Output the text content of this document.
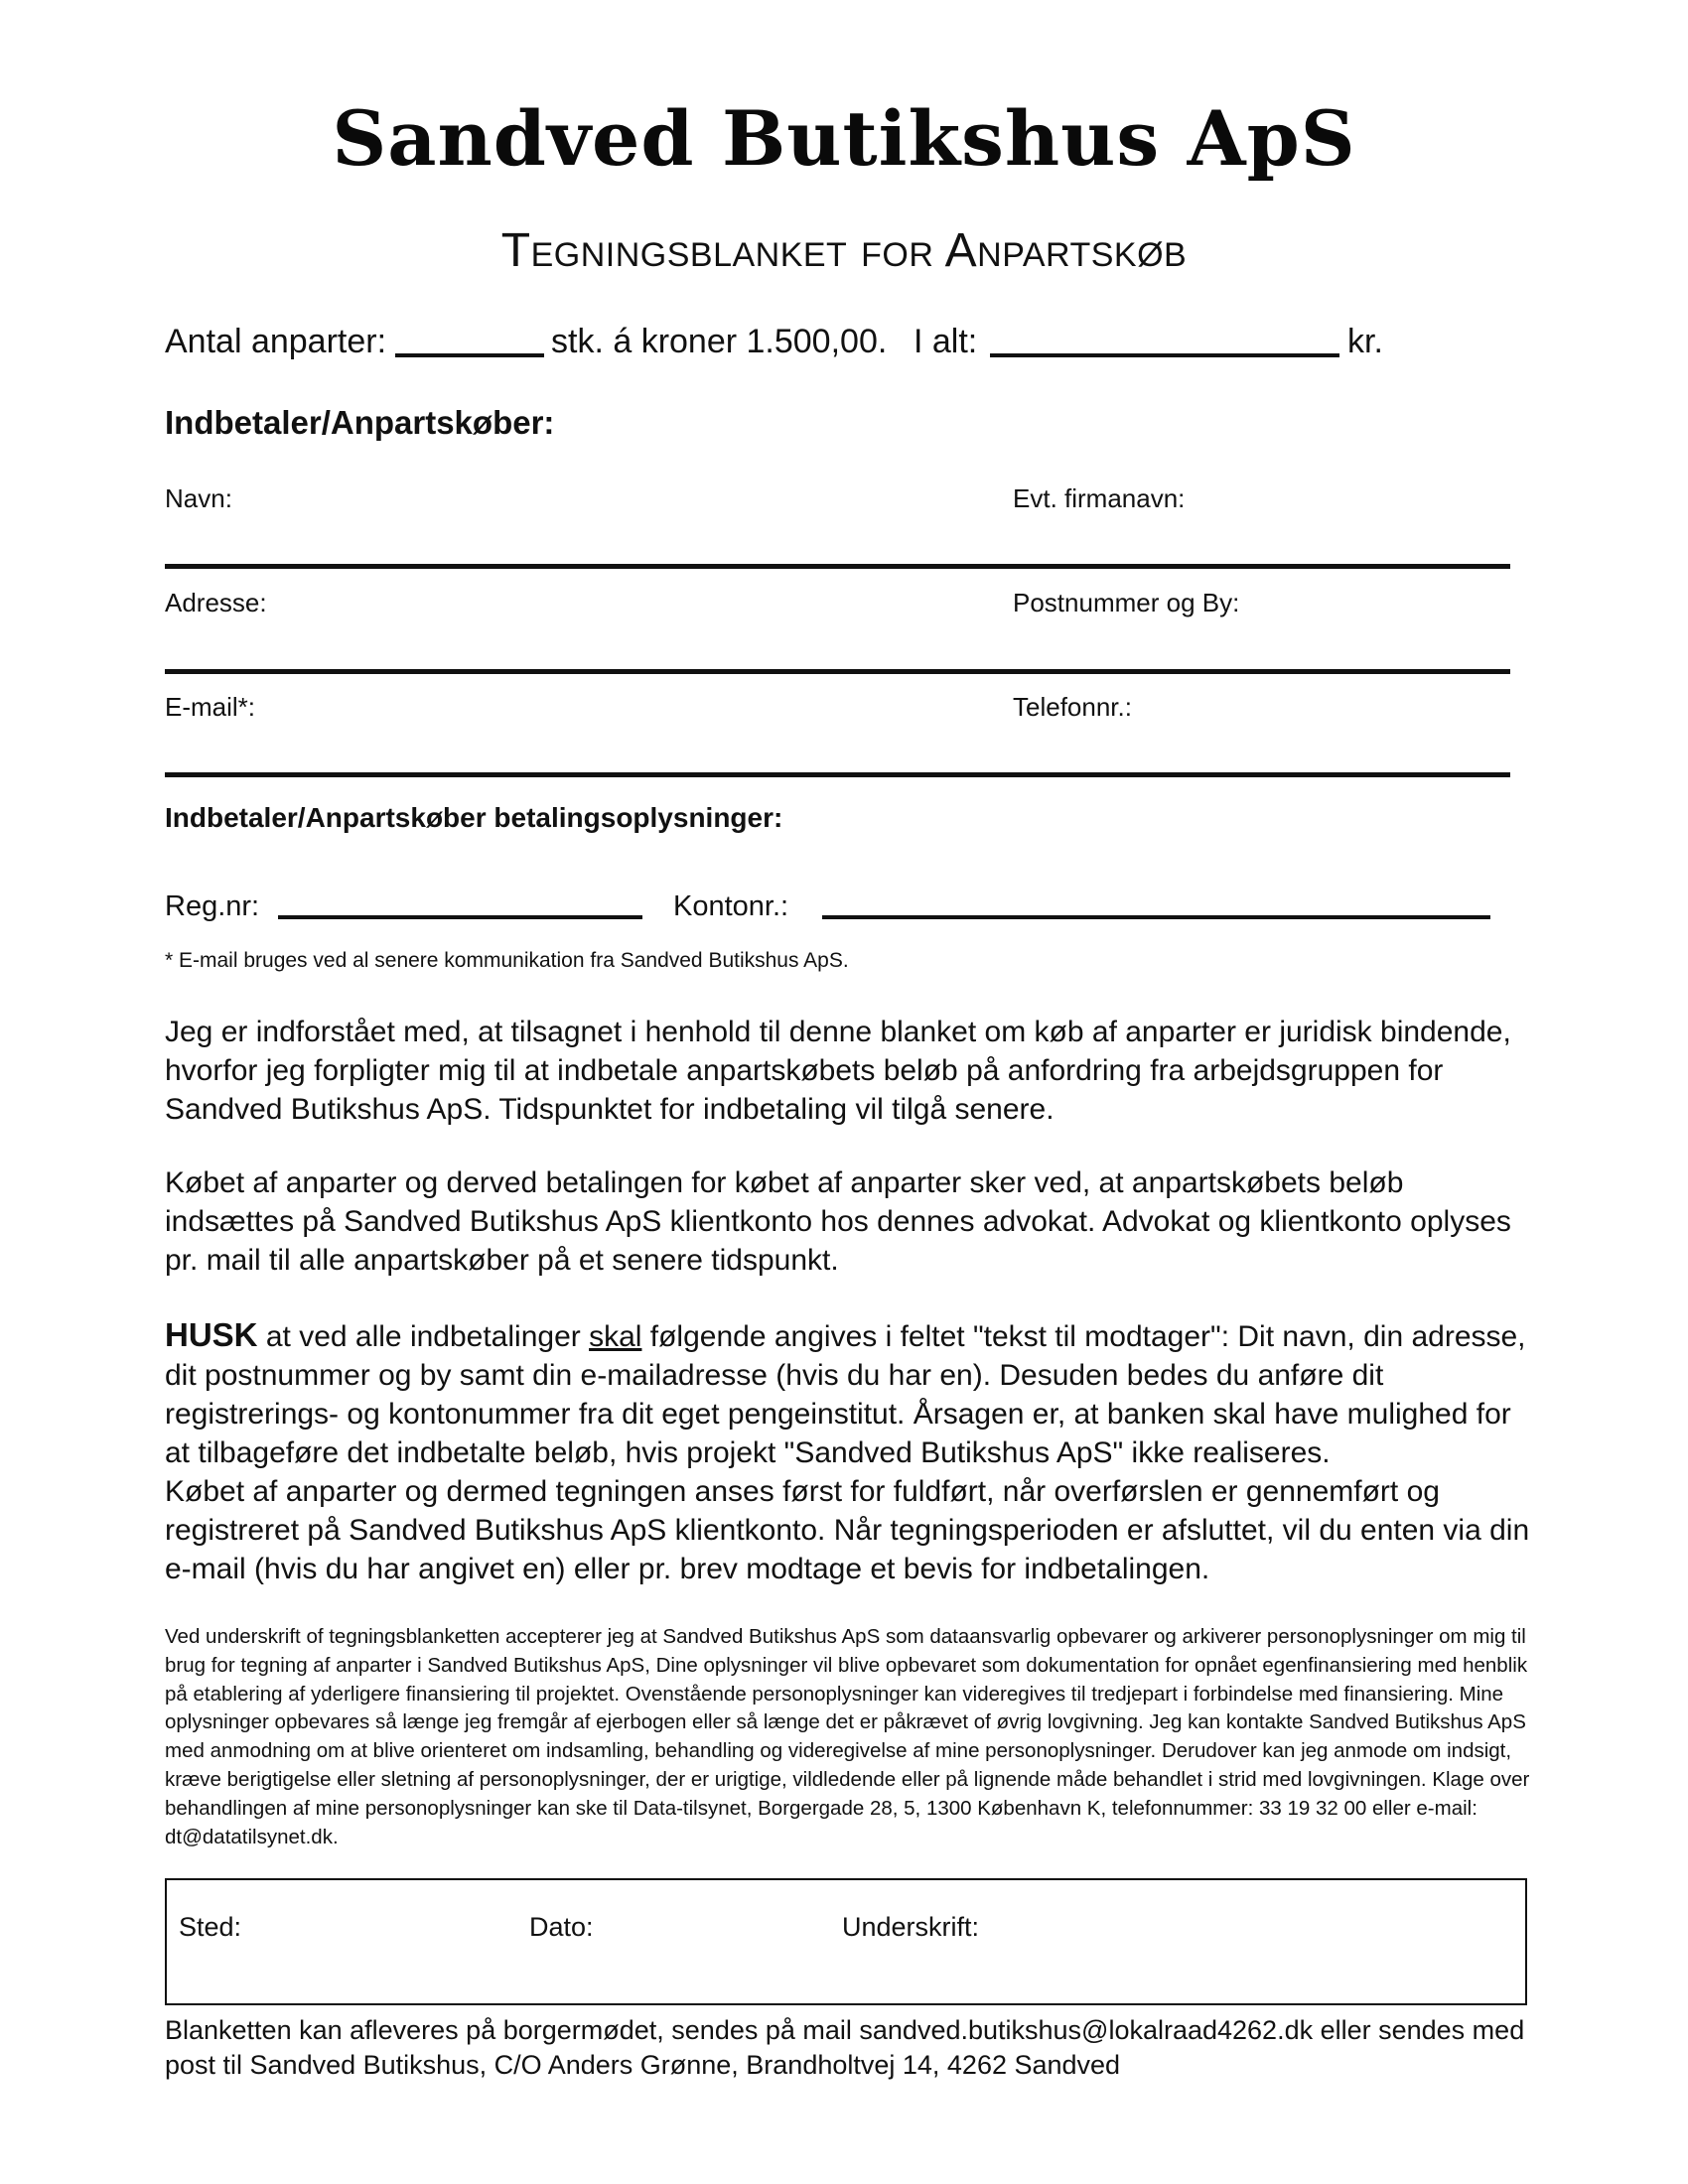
Sandved Butikshus ApS
Tegningsblanket for Anpartskøb
Antal anparter:	stk. á kroner 1.500,00. I alt:	kr.
Indbetaler/Anpartskøber:
Navn:	Evt. firmanavn:
Adresse:	Postnummer og By:
E-mail*:	Telefonnr.:
Indbetaler/Anpartskøber betalingsoplysninger:
Reg.nr:	Kontonr.:
* E-mail bruges ved al senere kommunikation fra Sandved Butikshus ApS.
Jeg er indforstået med, at tilsagnet i henhold til denne blanket om køb af anparter er juridisk bindende, hvorfor jeg forpligter mig til at indbetale anpartskøbets beløb på anfordring fra arbejdsgruppen for Sandved Butikshus ApS. Tidspunktet for indbetaling vil tilgå senere.
Købet af anparter og derved betalingen for købet af anparter sker ved, at anpartskøbets beløb indsættes på Sandved Butikshus ApS klientkonto hos dennes advokat. Advokat og klientkonto oplyses pr. mail til alle anpartskøber på et senere tidspunkt.
HUSK at ved alle indbetalinger skal følgende angives i feltet "tekst til modtager": Dit navn, din adresse, dit postnummer og by samt din e-mailadresse (hvis du har en). Desuden bedes du anføre dit registrerings- og kontonummer fra dit eget pengeinstitut. Årsagen er, at banken skal have mulighed for at tilbageføre det indbetalte beløb, hvis projekt "Sandved Butikshus ApS" ikke realiseres.
Købet af anparter og dermed tegningen anses først for fuldført, når overførslen er gennemført og registreret på Sandved Butikshus ApS klientkonto. Når tegningsperioden er afsluttet, vil du enten via din e-mail (hvis du har angivet en) eller pr. brev modtage et bevis for indbetalingen.
Ved underskrift of tegningsblanketten accepterer jeg at Sandved Butikshus ApS som dataansvarlig opbevarer og arkiverer personoplysninger om mig til brug for tegning af anparter i Sandved Butikshus ApS, Dine oplysninger vil blive opbevaret som dokumentation for opnået egenfinansiering med henblik på etablering af yderligere finansiering til projektet. Ovenstående personoplysninger kan videregives til tredjepart i forbindelse med finansiering. Mine oplysninger opbevares så længe jeg fremgår af ejerbogen eller så længe det er påkrævet of øvrig lovgivning. Jeg kan kontakte Sandved Butikshus ApS med anmodning om at blive orienteret om indsamling, behandling og videregivelse af mine personoplysninger. Derudover kan jeg anmode om indsigt, kræve berigtigelse eller sletning af personoplysninger, der er urigtige, vildledende eller på lignende måde behandlet i strid med lovgivningen. Klage over behandlingen af mine personoplysninger kan ske til Data-tilsynet, Borgergade 28, 5, 1300 København K, telefonnummer: 33 19 32 00 eller e-mail: dt@datatilsynet.dk.
Sted:	Dato:	Underskrift:
Blanketten kan afleveres på borgermødet, sendes på mail sandved.butikshus@lokalraad4262.dk eller sendes med post til Sandved Butikshus, C/O Anders Grønne, Brandholtvej 14, 4262 Sandved
